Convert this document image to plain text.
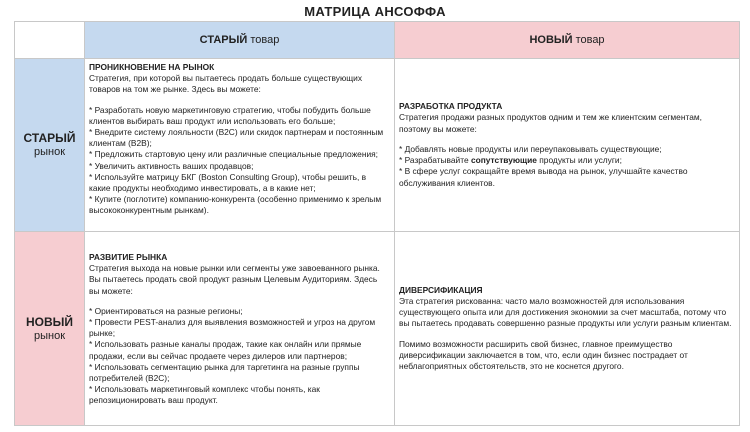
МАТРИЦА АНСОФФА
СТАРЫЙ товар	НОВЫЙ товар
СТАРЫЙ
рынок
НОВЫЙ
рынок

ПРОНИКНОВЕНИЕ НА РЫНОК

Стратегия, при которой вы пытаетесь продать больше существующих товаров на том же рынке. Здесь вы можете:

* Разработать новую маркетинговую стратегию, чтобы побудить больше клиентов выбирать ваш продукт или использовать его больше;

* Внедрите систему лояльности (B2C) или скидок партнерам и постоянным клиентам (B2B);

* Предложить стартовую цену или различные специальные предложения;

* Увеличить активность ваших продавцов;

* Используйте матрицу БКГ (Boston Consulting Group), чтобы решить, в какие продукты необходимо инвестировать, а в какие нет;

* Купите (поглотите) компанию-конкурента (особенно применимо к зрелым высококонкурентным рынкам).

РАЗРАБОТКА ПРОДУКТА

Стратегия продажи разных продуктов одним и тем же клиентским сегментам, поэтому вы можете:

* Добавлять новые продукты или переупаковывать существующие;

* Разрабатывайте сопутствующие продукты или услуги;

* В сфере услуг сокращайте время вывода на рынок, улучшайте качество обслуживания клиентов.

РАЗВИТИЕ РЫНКА

Стратегия выхода на новые рынки или сегменты уже завоеванного рынка. Вы пытаетесь продать свой продукт разным Целевым Аудиториям. Здесь вы можете:

* Ориентироваться на разные регионы;

* Провести PEST-анализ для выявления возможностей и угроз на другом рынке;

* Использовать разные каналы продаж, такие как онлайн или прямые продажи, если вы сейчас продаете через дилеров или партнеров;

* Использовать сегментацию рынка для таргетинга на разные группы потребителей (B2C);

* Использовать маркетинговый комплекс чтобы понять, как репозиционировать ваш продукт.

ДИВЕРСИФИКАЦИЯ

Эта стратегия рискованна: часто мало возможностей для использования существующего опыта или для достижения экономии за счет масштаба, потому что вы пытаетесь продавать совершенно разные продукты или услуги разным клиентам.

Помимо возможности расширить свой бизнес, главное преимущество диверсификации заключается в том, что, если один бизнес пострадает от неблагоприятных обстоятельств, это не коснется другого.
